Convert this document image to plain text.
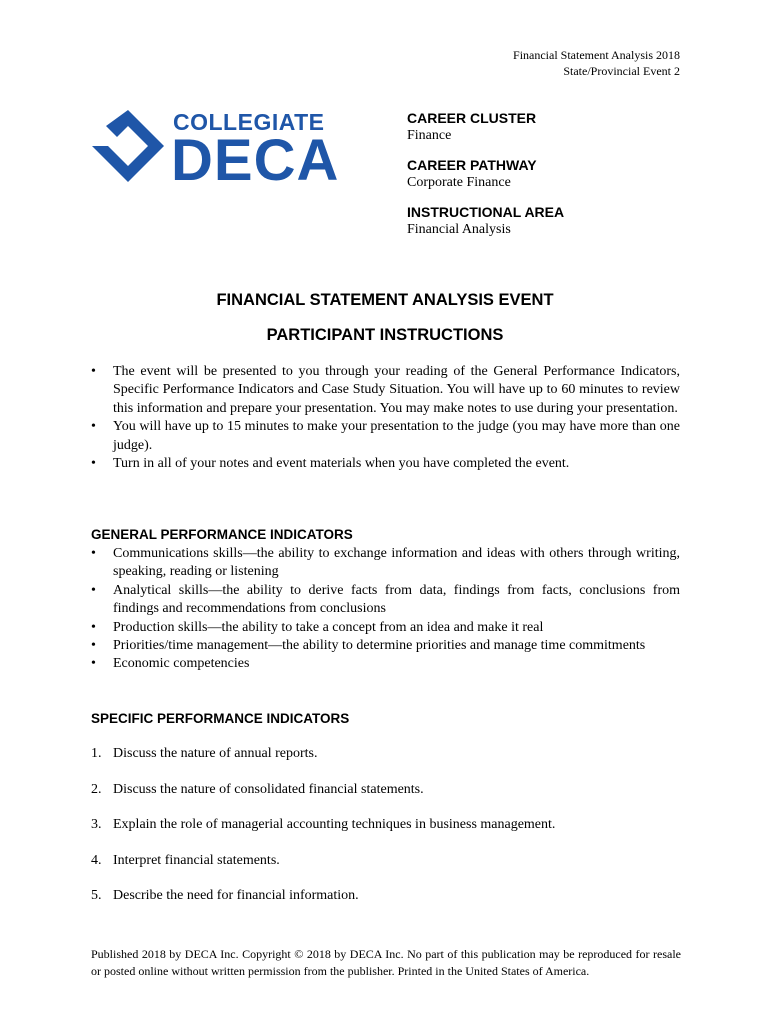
Financial Statement Analysis 2018
State/Provincial Event 2
COLLEGIATE
DECA
CAREER CLUSTER
Finance
CAREER PATHWAY
Corporate Finance
INSTRUCTIONAL AREA
Financial Analysis
FINANCIAL STATEMENT ANALYSIS EVENT
PARTICIPANT INSTRUCTIONS
• The event will be presented to you through your reading of the General Performance Indicators, Specific Performance Indicators and Case Study Situation. You will have up to 60 minutes to review this information and prepare your presentation. You may make notes to use during your presentation.
• You will have up to 15 minutes to make your presentation to the judge (you may have more than one judge).
• Turn in all of your notes and event materials when you have completed the event.
GENERAL PERFORMANCE INDICATORS
• Communications skills—the ability to exchange information and ideas with others through writing, speaking, reading or listening
• Analytical skills—the ability to derive facts from data, findings from facts, conclusions from findings and recommendations from conclusions
• Production skills—the ability to take a concept from an idea and make it real
• Priorities/time management—the ability to determine priorities and manage time commitments
• Economic competencies
SPECIFIC PERFORMANCE INDICATORS
1. Discuss the nature of annual reports.
2. Discuss the nature of consolidated financial statements.
3. Explain the role of managerial accounting techniques in business management.
4. Interpret financial statements.
5. Describe the need for financial information.
Published 2018 by DECA Inc. Copyright © 2018 by DECA Inc. No part of this publication may be reproduced for resale or posted online without written permission from the publisher. Printed in the United States of America.
